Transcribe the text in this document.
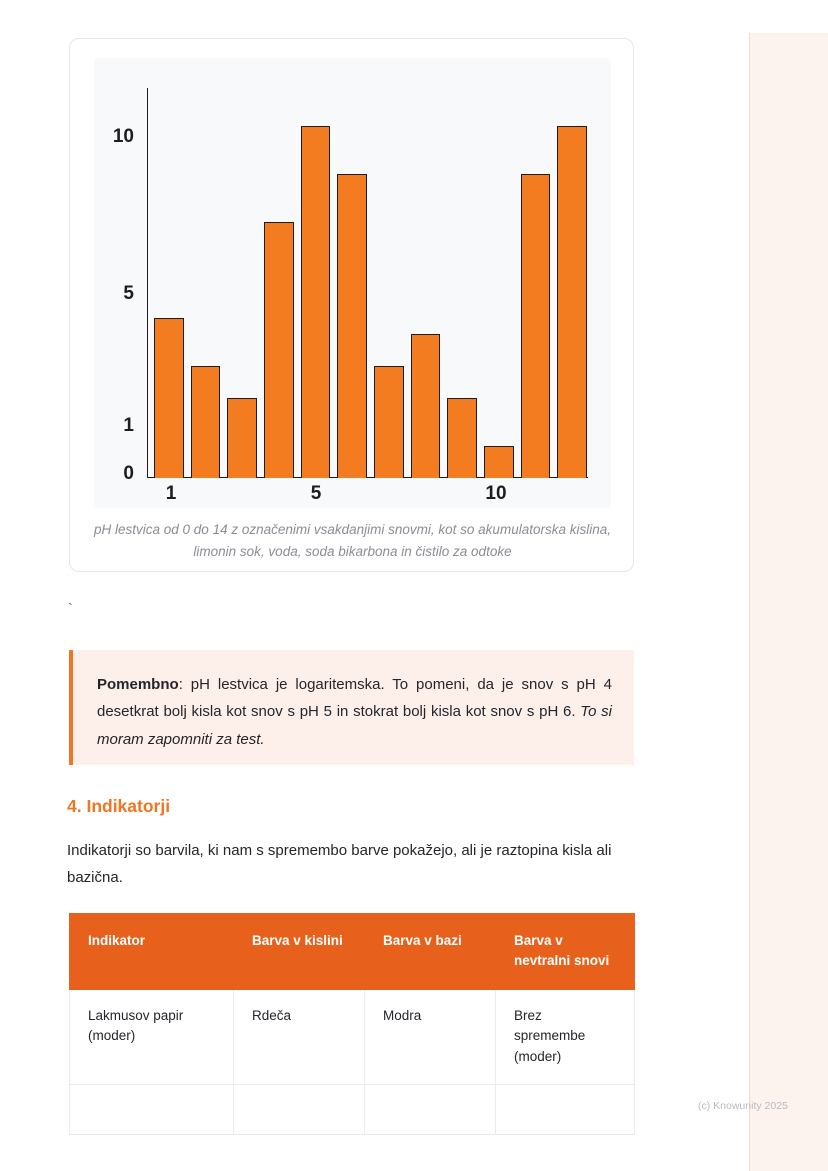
10
5
1
0
1	5	10
pH lestvica od 0 do 14 z označenimi vsakdanjimi snovmi, kot so akumulatorska kislina, limonin sok, voda, soda bikarbona in čistilo za odtoke
`
Pomembno: pH lestvica je logaritemska. To pomeni, da je snov s pH 4 desetkrat bolj kisla kot snov s pH 5 in stokrat bolj kisla kot snov s pH 6. To si moram zapomniti za test.
4. Indikatorji
Indikatorji so barvila, ki nam s spremembo barve pokažejo, ali je raztopina kisla ali bazična.
Indikator	Barva v kislini	Barva v bazi	Barva v nevtralni snovi
Lakmusov papir (moder)	Rdeča	Modra	Brez spremembe (moder)

(c) Knowunity 2025
